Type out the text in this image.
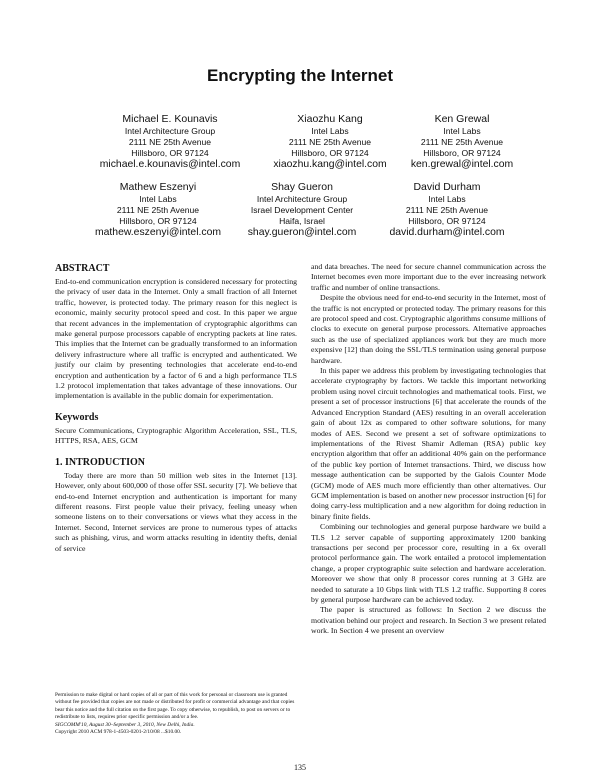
Encrypting the Internet
Michael E. Kounavis
Intel Architecture Group
2111 NE 25th Avenue
Hillsboro, OR 97124
michael.e.kounavis@intel.com
Xiaozhu Kang
Intel Labs
2111 NE 25th Avenue
Hillsboro, OR 97124
xiaozhu.kang@intel.com
Ken Grewal
Intel Labs
2111 NE 25th Avenue
Hillsboro, OR 97124
ken.grewal@intel.com
Mathew Eszenyi
Intel Labs
2111 NE 25th Avenue
Hillsboro, OR 97124
mathew.eszenyi@intel.com
Shay Gueron
Intel Architecture Group
Israel Development Center
Haifa, Israel
shay.gueron@intel.com
David Durham
Intel Labs
2111 NE 25th Avenue
Hillsboro, OR 97124
david.durham@intel.com
ABSTRACT

End-to-end communication encryption is considered necessary for protecting the privacy of user data in the Internet. Only a small fraction of all Internet traffic, however, is protected today. The primary reason for this neglect is economic, mainly security protocol speed and cost. In this paper we argue that recent advances in the implementation of cryptographic algorithms can make general purpose processors capable of encrypting packets at line rates. This implies that the Internet can be gradually transformed to an information delivery infrastructure where all traffic is encrypted and authenticated. We justify our claim by presenting technologies that accelerate end-to-end encryption and authentication by a factor of 6 and a high performance TLS 1.2 protocol implementation that takes advantage of these innovations. Our implementation is available in the public domain for experimentation.

Keywords

Secure Communications, Cryptographic Algorithm Acceleration, SSL, TLS, HTTPS, RSA, AES, GCM

1. INTRODUCTION

Today there are more than 50 million web sites in the Internet [13]. However, only about 600,000 of those offer SSL security [7]. We believe that end-to-end Internet encryption and authentication is important for many different reasons. First people value their privacy, feeling uneasy when someone listens on to their conversations or views what they access in the Internet. Second, Internet services are prone to numerous types of attacks such as phishing, virus, and worm attacks resulting in identity thefts, denial of service

Permission to make digital or hard copies of all or part of this work for personal or classroom use is granted without fee provided that copies are not made or distributed for profit or commercial advantage and that copies bear this notice and the full citation on the first page. To copy otherwise, to republish, to post on servers or to redistribute to lists, requires prior specific permission and/or a fee.
SIGCOMM'10, August 30–September 3, 2010, New Delhi, India.
Copyright 2010 ACM 978-1-4503-0201-2/10/08 ...$10.00.

and data breaches. The need for secure channel communication across the Internet becomes even more important due to the ever increasing network traffic and number of online transactions.

Despite the obvious need for end-to-end security in the Internet, most of the traffic is not encrypted or protected today. The primary reasons for this are protocol speed and cost. Cryptographic algorithms consume millions of clocks to execute on general purpose processors. Alternative approaches such as the use of specialized appliances work but they are much more expensive [12] than doing the SSL/TLS termination using general purpose hardware.

In this paper we address this problem by investigating technologies that accelerate cryptography by factors. We tackle this important networking problem using novel circuit technologies and mathematical tools. First, we present a set of processor instructions [6] that accelerate the rounds of the Advanced Encryption Standard (AES) resulting in an overall acceleration gain of about 12x as compared to other software solutions, for many modes of AES. Second we present a set of software optimizations to implementations of the Rivest Shamir Adleman (RSA) public key encryption algorithm that offer an additional 40% gain on the performance of the public key portion of Internet transactions. Third, we discuss how message authentication can be supported by the Galois Counter Mode (GCM) mode of AES much more efficiently than other alternatives. Our GCM implementation is based on another new processor instruction [6] for doing carry-less multiplication and a new algorithm for doing reduction in binary finite fields.

Combining our technologies and general purpose hardware we build a TLS 1.2 server capable of supporting approximately 1200 banking transactions per second per processor core, resulting in a 6x overall protocol performance gain. The work entailed a protocol implementation change, a proper cryptographic suite selection and hardware acceleration. Moreover we show that only 8 processor cores running at 3 GHz are needed to saturate a 10 Gbps link with TLS 1.2 traffic. Supporting 8 cores by general purpose hardware can be achieved today.

The paper is structured as follows: In Section 2 we discuss the motivation behind our project and research. In Section 3 we present related work. In Section 4 we present an overview

135
